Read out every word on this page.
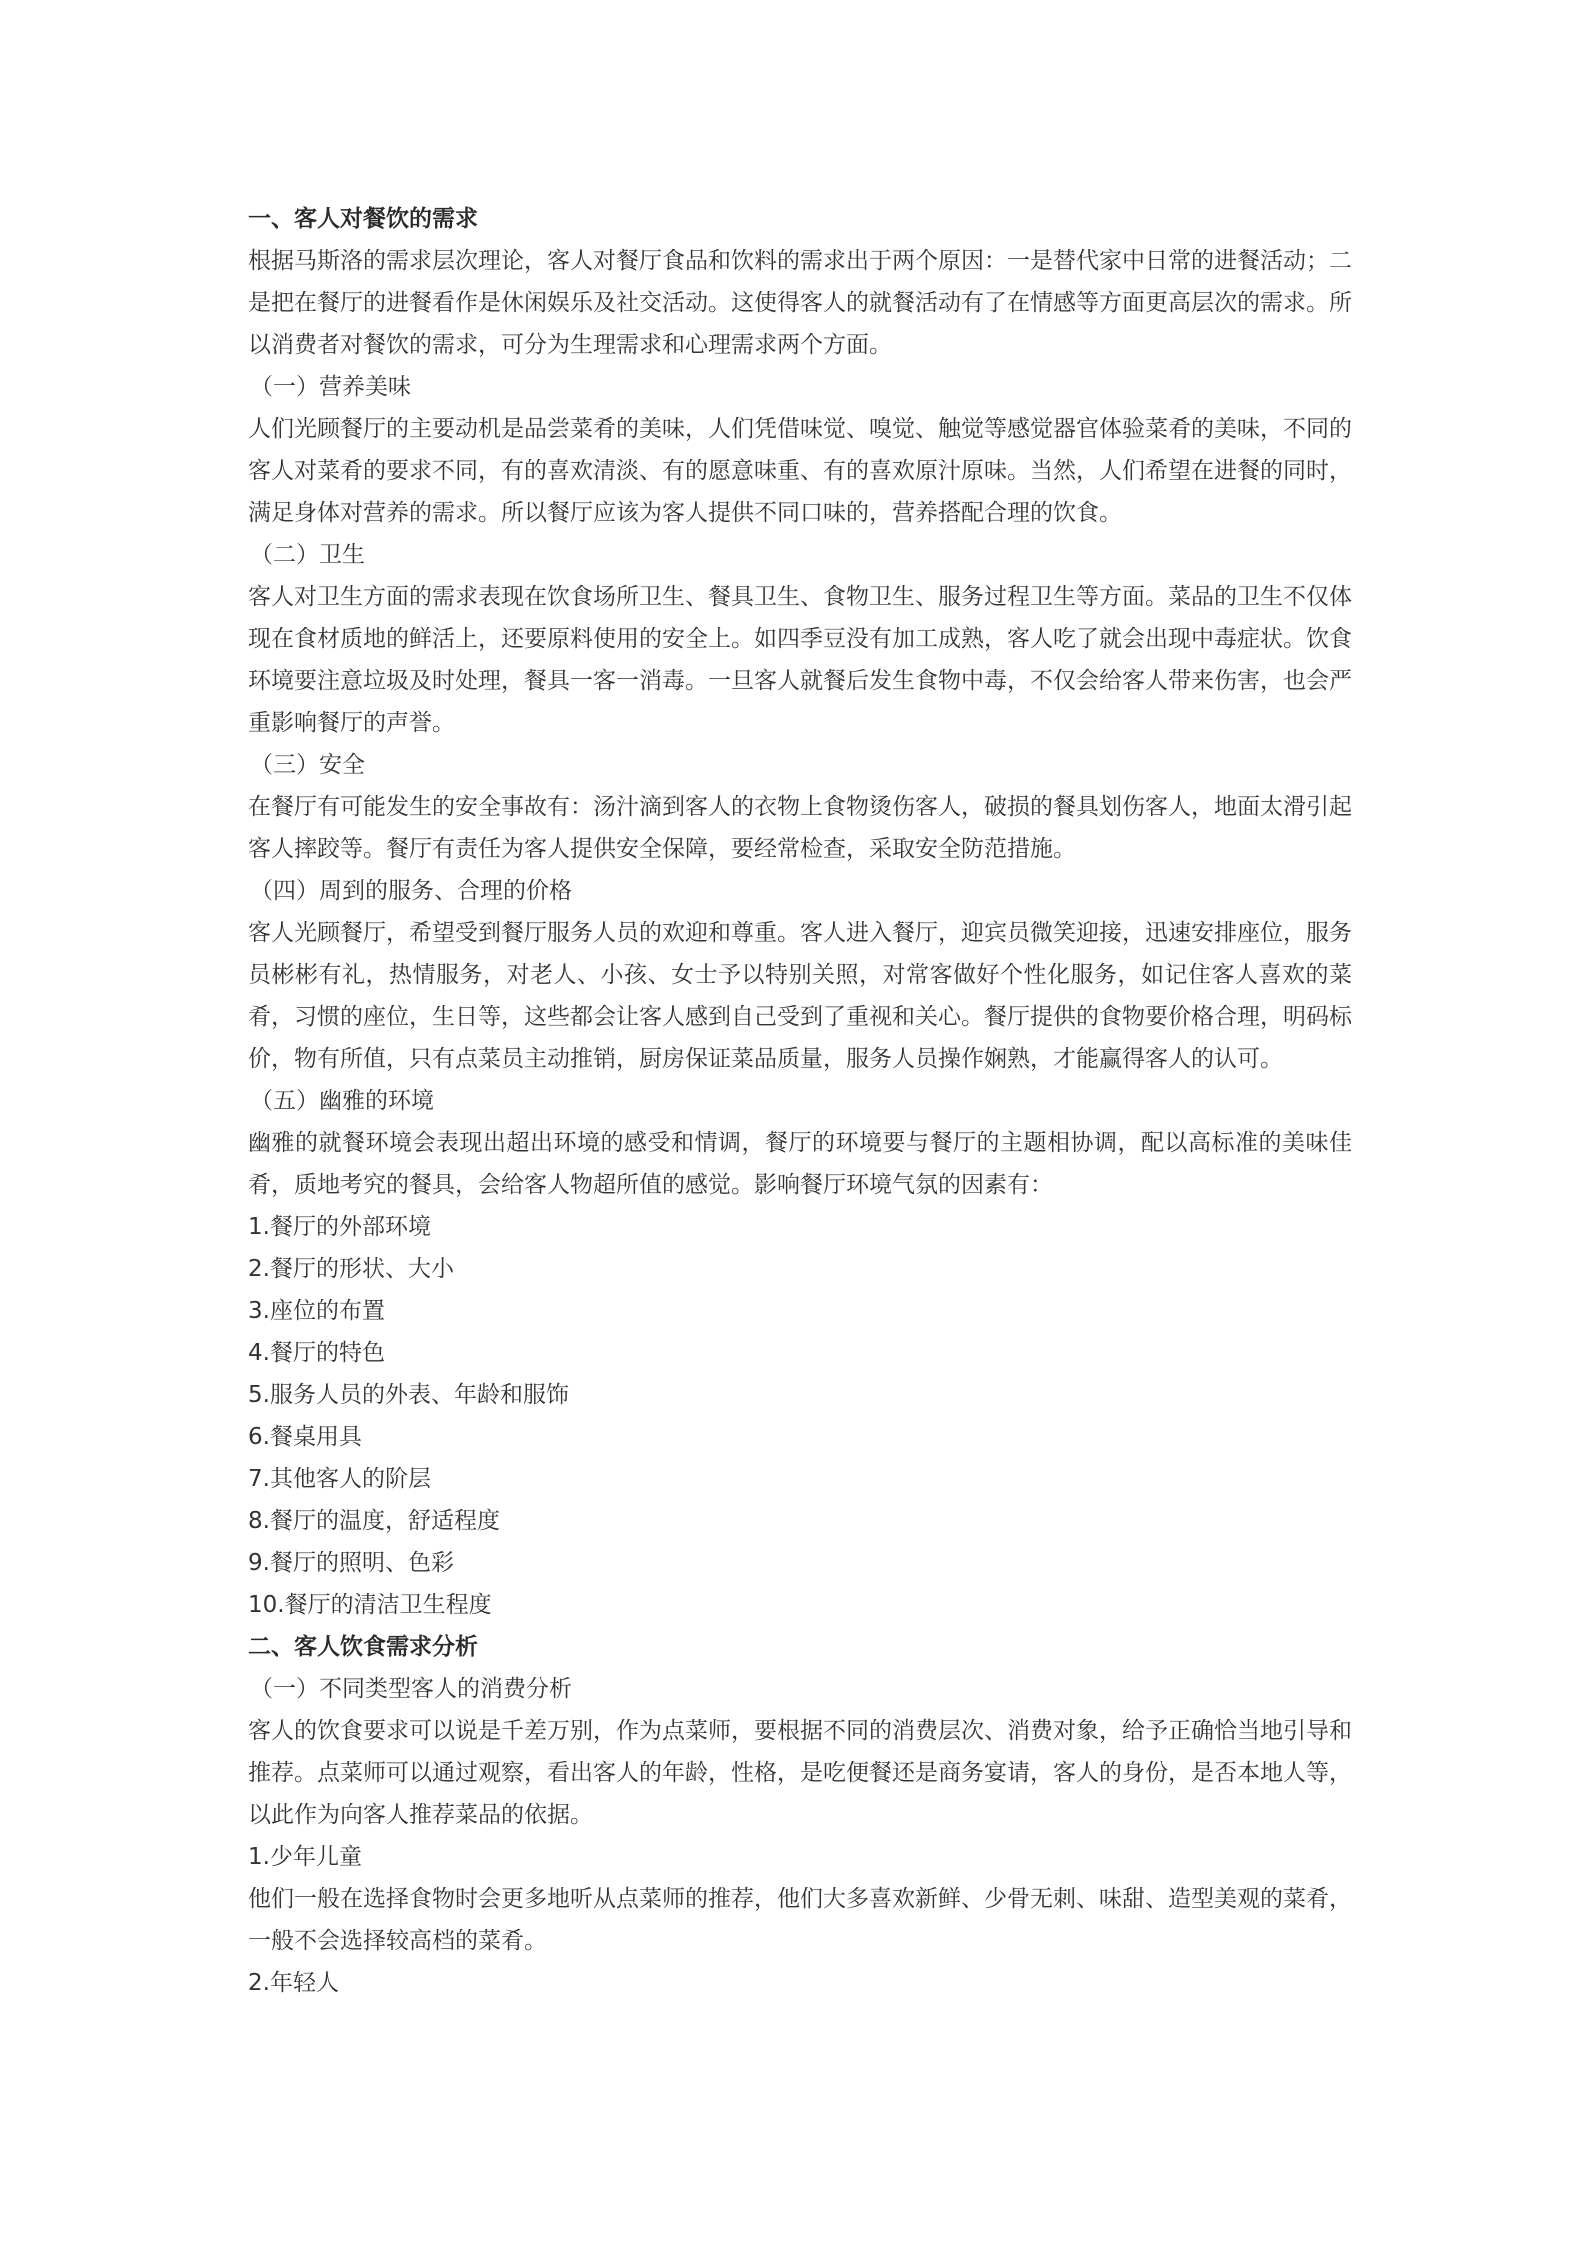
一、客人对餐饮的需求
根据马斯洛的需求层次理论，客人对餐厅食品和饮料的需求出于两个原因：一是替代家中日常的进餐活动；二是把在餐厅的进餐看作是休闲娱乐及社交活动。这使得客人的就餐活动有了在情感等方面更高层次的需求。所以消费者对餐饮的需求，可分为生理需求和心理需求两个方面。
（一）营养美味
人们光顾餐厅的主要动机是品尝菜肴的美味，人们凭借味觉、嗅觉、触觉等感觉器官体验菜肴的美味，不同的客人对菜肴的要求不同，有的喜欢清淡、有的愿意味重、有的喜欢原汁原味。当然，人们希望在进餐的同时，满足身体对营养的需求。所以餐厅应该为客人提供不同口味的，营养搭配合理的饮食。
（二）卫生
客人对卫生方面的需求表现在饮食场所卫生、餐具卫生、食物卫生、服务过程卫生等方面。菜品的卫生不仅体现在食材质地的鲜活上，还要原料使用的安全上。如四季豆没有加工成熟，客人吃了就会出现中毒症状。饮食环境要注意垃圾及时处理，餐具一客一消毒。一旦客人就餐后发生食物中毒，不仅会给客人带来伤害，也会严重影响餐厅的声誉。
（三）安全
在餐厅有可能发生的安全事故有：汤汁滴到客人的衣物上食物烫伤客人，破损的餐具划伤客人，地面太滑引起客人摔跤等。餐厅有责任为客人提供安全保障，要经常检查，采取安全防范措施。
（四）周到的服务、合理的价格
客人光顾餐厅，希望受到餐厅服务人员的欢迎和尊重。客人进入餐厅，迎宾员微笑迎接，迅速安排座位，服务员彬彬有礼，热情服务，对老人、小孩、女士予以特别关照，对常客做好个性化服务，如记住客人喜欢的菜肴，习惯的座位，生日等，这些都会让客人感到自己受到了重视和关心。餐厅提供的食物要价格合理，明码标价，物有所值，只有点菜员主动推销，厨房保证菜品质量，服务人员操作娴熟，才能赢得客人的认可。
（五）幽雅的环境
幽雅的就餐环境会表现出超出环境的感受和情调，餐厅的环境要与餐厅的主题相协调，配以高标准的美味佳肴，质地考究的餐具，会给客人物超所值的感觉。影响餐厅环境气氛的因素有：
1.餐厅的外部环境
2.餐厅的形状、大小
3.座位的布置
4.餐厅的特色
5.服务人员的外表、年龄和服饰
6.餐桌用具
7.其他客人的阶层
8.餐厅的温度，舒适程度
9.餐厅的照明、色彩
10.餐厅的清洁卫生程度
二、客人饮食需求分析
（一）不同类型客人的消费分析
客人的饮食要求可以说是千差万别，作为点菜师，要根据不同的消费层次、消费对象，给予正确恰当地引导和推荐。点菜师可以通过观察，看出客人的年龄，性格，是吃便餐还是商务宴请，客人的身份，是否本地人等，以此作为向客人推荐菜品的依据。
1.少年儿童
他们一般在选择食物时会更多地听从点菜师的推荐，他们大多喜欢新鲜、少骨无刺、味甜、造型美观的菜肴，一般不会选择较高档的菜肴。
2.年轻人
